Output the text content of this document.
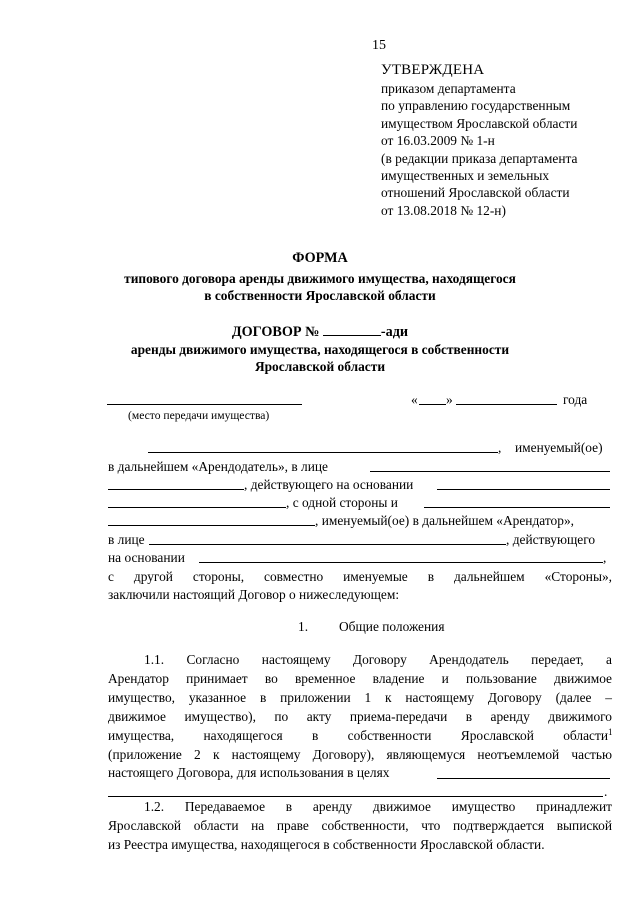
15
УТВЕРЖДЕНА
приказом департамента
по управлению государственным
имуществом Ярославской области
от 16.03.2009 № 1-н
(в редакции приказа департамента
имущественных и земельных
отношений Ярославской области
от 13.08.2018 № 12-н)
ФОРМА
типового договора аренды движимого имущества, находящегося
в собственности Ярославской области
ДОГОВОР №	-ади
аренды движимого имущества, находящегося в собственности
Ярославской области
« »	года
(место передачи имущества)
, именуемый(ое)
в дальнейшем «Арендодатель», в лице
, действующего на основании
, с одной стороны и
, именуемый(ое) в дальнейшем «Арендатор»,
в лице	, действующего
на основании	,
с другой стороны, совместно именуемые в дальнейшем «Стороны»,
заключили настоящий Договор о нижеследующем:
1. Общие положения
1.1. Согласно настоящему Договору Арендодатель передает, а
Арендатор принимает во временное владение и пользование движимое
имущество, указанное в приложении 1 к настоящему Договору (далее –
движимое имущество), по акту приема-передачи в аренду движимого
имущества, находящегося в собственности Ярославской области
(приложение 2 к настоящему Договору), являющемуся неотъемлемой частью
настоящего Договора, для использования в целях
1
.
1.2. Передаваемое в аренду движимое имущество принадлежит
Ярославской области на праве собственности, что подтверждается выпиской
из Реестра имущества, находящегося в собственности Ярославской области.
